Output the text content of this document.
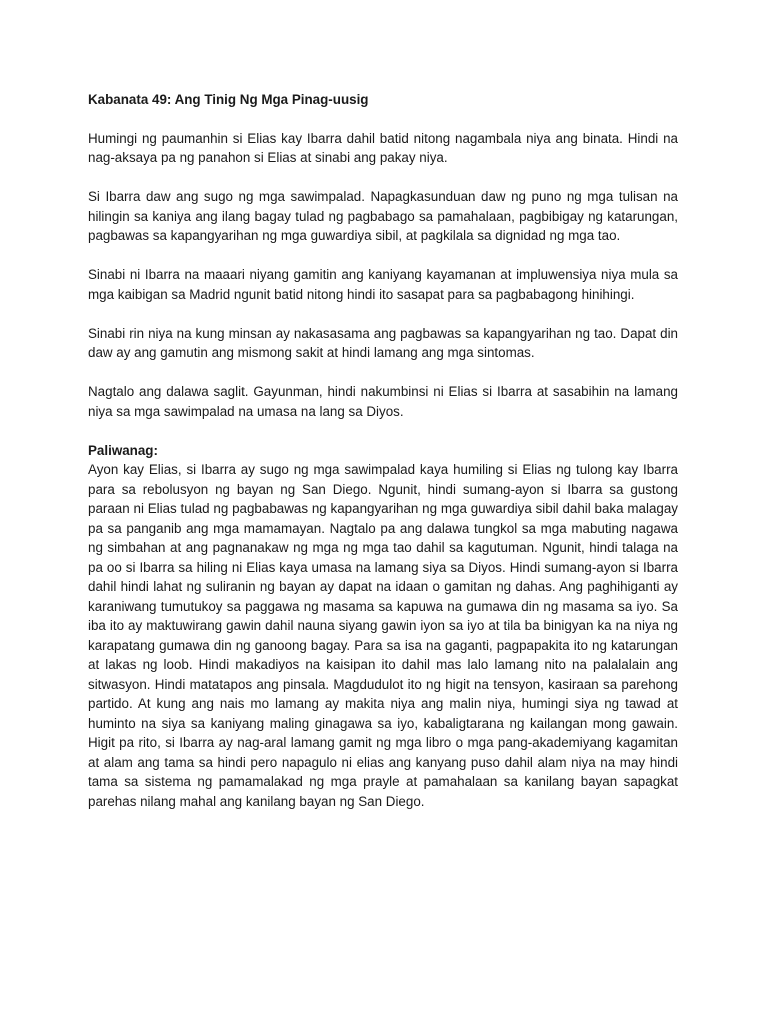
Kabanata 49: Ang Tinig Ng Mga Pinag-uusig

Humingi ng paumanhin si Elias kay Ibarra dahil batid nitong nagambala niya ang binata. Hindi na nag-aksaya pa ng panahon si Elias at sinabi ang pakay niya.

Si Ibarra daw ang sugo ng mga sawimpalad. Napagkasunduan daw ng puno ng mga tulisan na hilingin sa kaniya ang ilang bagay tulad ng pagbabago sa pamahalaan, pagbibigay ng katarungan, pagbawas sa kapangyarihan ng mga guwardiya sibil, at pagkilala sa dignidad ng mga tao.

Sinabi ni Ibarra na maaari niyang gamitin ang kaniyang kayamanan at impluwensiya niya mula sa mga kaibigan sa Madrid ngunit batid nitong hindi ito sasapat para sa pagbabagong hinihingi.

Sinabi rin niya na kung minsan ay nakasasama ang pagbawas sa kapangyarihan ng tao. Dapat din daw ay ang gamutin ang mismong sakit at hindi lamang ang mga sintomas.

Nagtalo ang dalawa saglit. Gayunman, hindi nakumbinsi ni Elias si Ibarra at sasabihin na lamang niya sa mga sawimpalad na umasa na lang sa Diyos.

Paliwanag:

Ayon kay Elias, si Ibarra ay sugo ng mga sawimpalad kaya humiling si Elias ng tulong kay Ibarra para sa rebolusyon ng bayan ng San Diego. Ngunit, hindi sumang-ayon si Ibarra sa gustong paraan ni Elias tulad ng pagbabawas ng kapangyarihan ng mga guwardiya sibil dahil baka malagay pa sa panganib ang mga mamamayan. Nagtalo pa ang dalawa tungkol sa mga mabuting nagawa ng simbahan at ang pagnanakaw ng mga ng mga tao dahil sa kagutuman. Ngunit, hindi talaga na pa oo si Ibarra sa hiling ni Elias kaya umasa na lamang siya sa Diyos. Hindi sumang-ayon si Ibarra dahil hindi lahat ng suliranin ng bayan ay dapat na idaan o gamitan ng dahas. Ang paghihiganti ay karaniwang tumutukoy sa paggawa ng masama sa kapuwa na gumawa din ng masama sa iyo. Sa iba ito ay maktuwirang gawin dahil nauna siyang gawin iyon sa iyo at tila ba binigyan ka na niya ng karapatang gumawa din ng ganoong bagay. Para sa isa na gaganti, pagpapakita ito ng katarungan at lakas ng loob. Hindi makadiyos na kaisipan ito dahil mas lalo lamang nito na palalalain ang sitwasyon. Hindi matatapos ang pinsala. Magdudulot ito ng higit na tensyon, kasiraan sa parehong partido. At kung ang nais mo lamang ay makita niya ang malin niya, humingi siya ng tawad at huminto na siya sa kaniyang maling ginagawa sa iyo, kabaligtarana ng kailangan mong gawain. Higit pa rito, si Ibarra ay nag-aral lamang gamit ng mga libro o mga pang-akademiyang kagamitan at alam ang tama sa hindi pero napagulo ni elias ang kanyang puso dahil alam niya na may hindi tama sa sistema ng pamamalakad ng mga prayle at pamahalaan sa kanilang bayan sapagkat parehas nilang mahal ang kanilang bayan ng San Diego.
